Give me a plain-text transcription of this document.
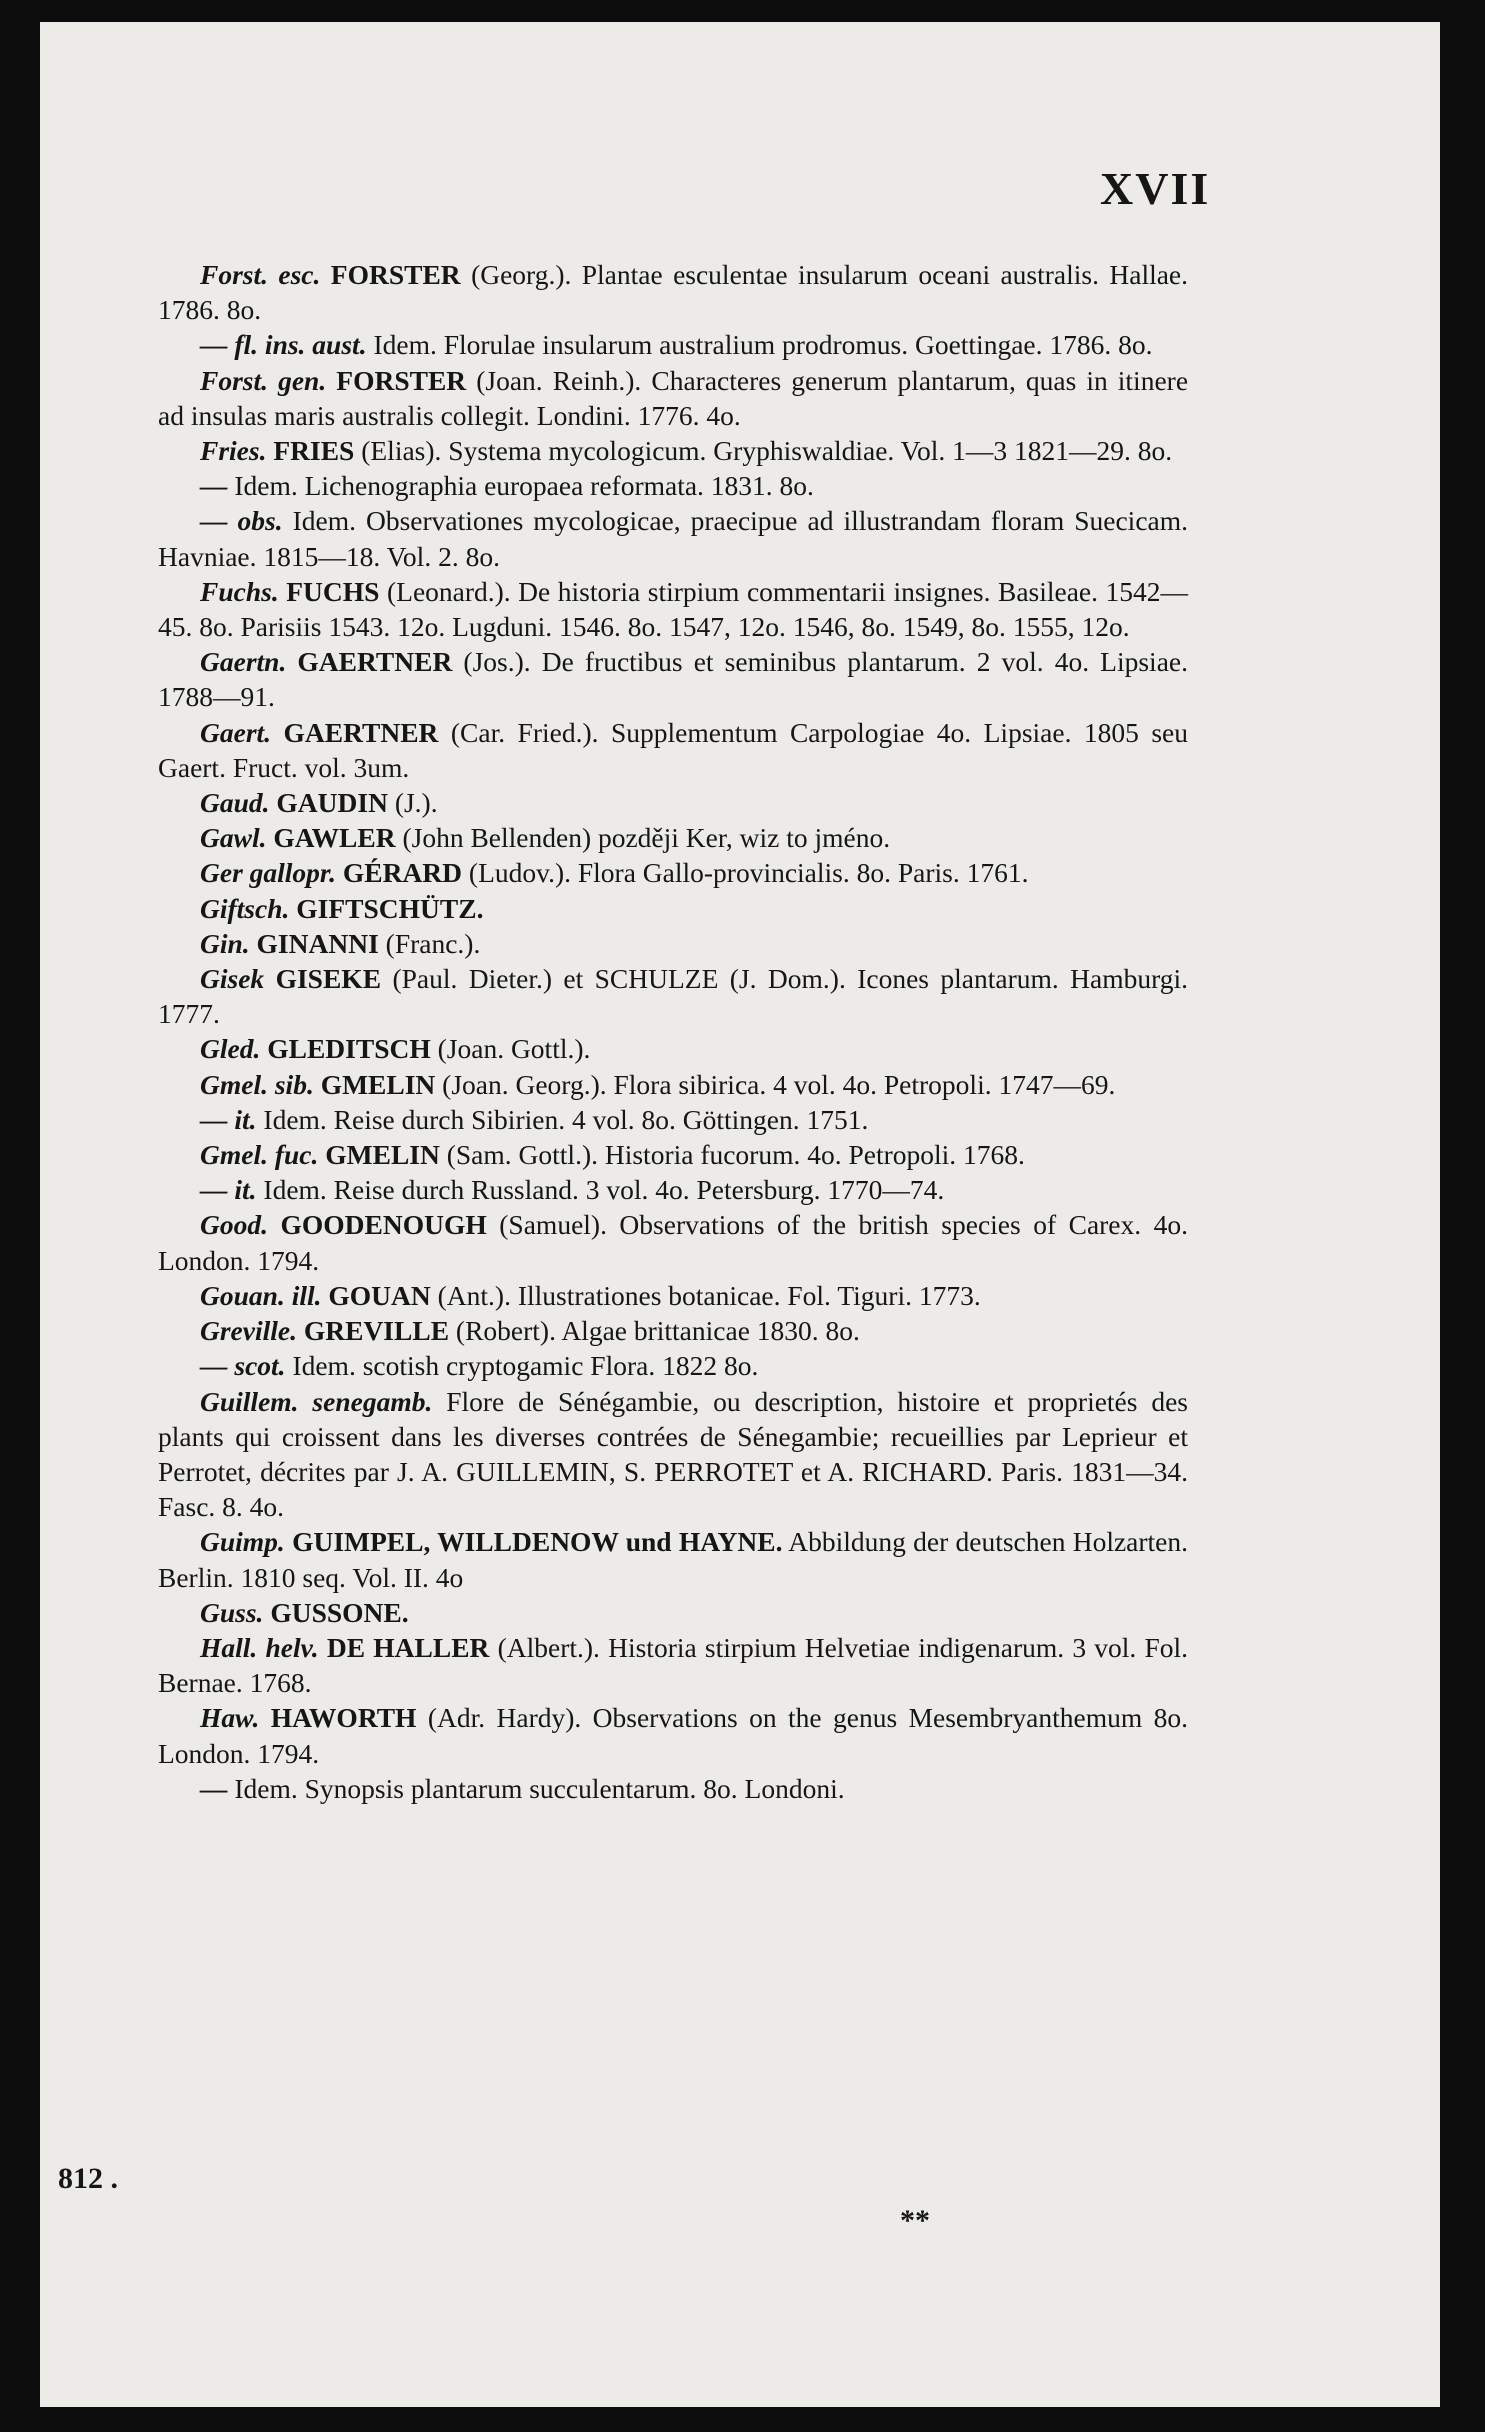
XVII

Forst. esc. FORSTER (Georg.). Plantae esculentae insularum oceani australis. Hallae. 1786. 8o.

— fl. ins. aust. Idem. Florulae insularum australium prodromus. Goettingae. 1786. 8o.

Forst. gen. FORSTER (Joan. Reinh.). Characteres generum plantarum, quas in itinere ad insulas maris australis collegit. Londini. 1776. 4o.

Fries. FRIES (Elias). Systema mycologicum. Gryphiswaldiae. Vol. 1—3 1821—29. 8o.

— Idem. Lichenographia europaea reformata. 1831. 8o.

— obs. Idem. Observationes mycologicae, praecipue ad illustrandam floram Suecicam. Havniae. 1815—18. Vol. 2. 8o.

Fuchs. FUCHS (Leonard.). De historia stirpium commentarii insignes. Basileae. 1542—45. 8o. Parisiis 1543. 12o. Lugduni. 1546. 8o. 1547, 12o. 1546, 8o. 1549, 8o. 1555, 12o.

Gaertn. GAERTNER (Jos.). De fructibus et seminibus plantarum. 2 vol. 4o. Lipsiae. 1788—91.

Gaert. GAERTNER (Car. Fried.). Supplementum Carpologiae 4o. Lipsiae. 1805 seu Gaert. Fruct. vol. 3um.

Gaud. GAUDIN (J.).

Gawl. GAWLER (John Bellenden) později Ker, wiz to jméno.

Ger gallopr. GÉRARD (Ludov.). Flora Gallo-provincialis. 8o. Paris. 1761.

Giftsch. GIFTSCHÜTZ.

Gin. GINANNI (Franc.).

Gisek GISEKE (Paul. Dieter.) et SCHULZE (J. Dom.). Icones plantarum. Hamburgi. 1777.

Gled. GLEDITSCH (Joan. Gottl.).

Gmel. sib. GMELIN (Joan. Georg.). Flora sibirica. 4 vol. 4o. Petropoli. 1747—69.

— it. Idem. Reise durch Sibirien. 4 vol. 8o. Göttingen. 1751.

Gmel. fuc. GMELIN (Sam. Gottl.). Historia fucorum. 4o. Petropoli. 1768.

— it. Idem. Reise durch Russland. 3 vol. 4o. Petersburg. 1770—74.

Good. GOODENOUGH (Samuel). Observations of the british species of Carex. 4o. London. 1794.

Gouan. ill. GOUAN (Ant.). Illustrationes botanicae. Fol. Tiguri. 1773.

Greville. GREVILLE (Robert). Algae brittanicae 1830. 8o.

— scot. Idem. scotish cryptogamic Flora. 1822 8o.

Guillem. senegamb. Flore de Sénégambie, ou description, histoire et proprietés des plants qui croissent dans les diverses contrées de Sénegambie; recueillies par Leprieur et Perrotet, décrites par J. A. GUILLEMIN, S. PERROTET et A. RICHARD. Paris. 1831—34. Fasc. 8. 4o.

Guimp. GUIMPEL, WILLDENOW und HAYNE. Abbildung der deutschen Holzarten. Berlin. 1810 seq. Vol. II. 4o

Guss. GUSSONE.

Hall. helv. DE HALLER (Albert.). Historia stirpium Helvetiae indigenarum. 3 vol. Fol. Bernae. 1768.

Haw. HAWORTH (Adr. Hardy). Observations on the genus Mesembryanthemum 8o. London. 1794.

— Idem. Synopsis plantarum succulentarum. 8o. Londoni.

812 .
**
